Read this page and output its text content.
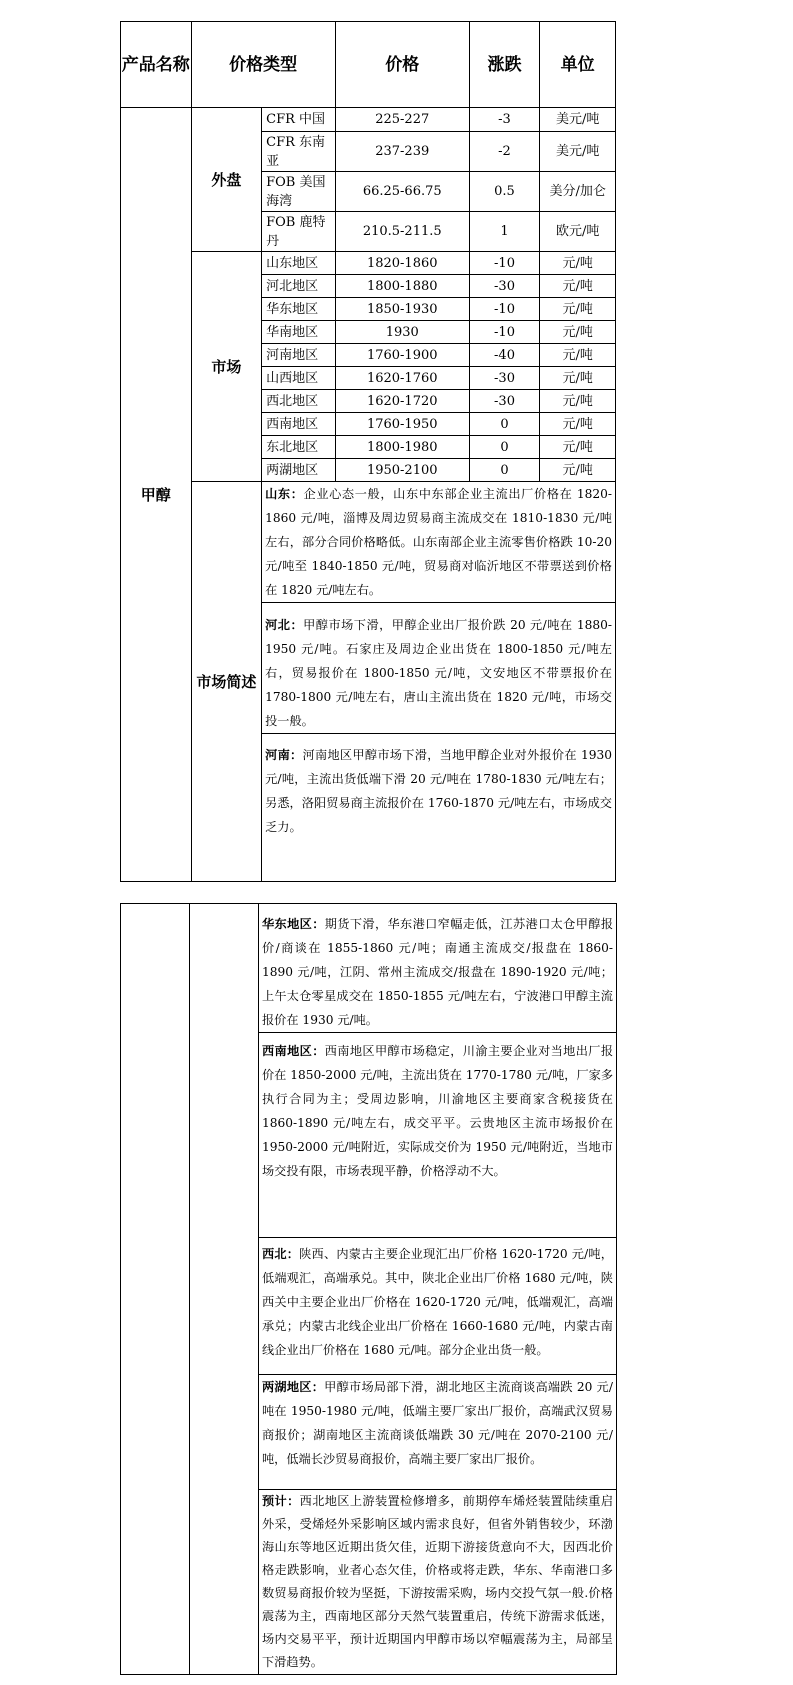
产品名称	价格类型		价格	涨跌	单位
甲醇	外盘	CFR 中国	225-227	-3	美元/吨
		CFR 东南亚	237-239	-2	美元/吨
		FOB 美国海湾	66.25-66.75	0.5	美分/加仑
		FOB 鹿特丹	210.5-211.5	1	欧元/吨
	市场	山东地区	1820-1860	-10	元/吨
		河北地区	1800-1880	-30	元/吨
		华东地区	1850-1930	-10	元/吨
		华南地区	1930	-10	元/吨
		河南地区	1760-1900	-40	元/吨
		山西地区	1620-1760	-30	元/吨
		西北地区	1620-1720	-30	元/吨
		西南地区	1760-1950	0	元/吨
		东北地区	1800-1980	0	元/吨
		两湖地区	1950-2100	0	元/吨
	市场简述	山东：企业心态一般，山东中东部企业主流出厂价格在 1820-1860 元/吨，淄博及周边贸易商主流成交在 1810-1830 元/吨左右，部分合同价格略低。山东南部企业主流零售价格跌 10-20 元/吨至 1840-1850 元/吨，贸易商对临沂地区不带票送到价格在 1820 元/吨左右。			

		河北：甲醇市场下滑，甲醇企业出厂报价跌 20 元/吨在 1880-1950 元/吨。石家庄及周边企业出货在 1800-1850 元/吨左右，贸易报价在 1800-1850 元/吨，文安地区不带票报价在 1780-1800 元/吨左右，唐山主流出货在 1820 元/吨，市场交投一般。			

		河南：河南地区甲醇市场下滑，当地甲醇企业对外报价在 1930 元/吨，主流出货低端下滑 20 元/吨在 1780-1830 元/吨左右；另悉，洛阳贸易商主流报价在 1760-1870 元/吨左右，市场成交乏力。			
		华东地区：期货下滑，华东港口窄幅走低，江苏港口太仓甲醇报价/商谈在 1855-1860 元/吨；南通主流成交/报盘在 1860-1890 元/吨，江阴、常州主流成交/报盘在 1890-1920 元/吨；上午太仓零星成交在 1850-1855 元/吨左右，宁波港口甲醇主流报价在 1930 元/吨。
西南地区：西南地区甲醇市场稳定，川渝主要企业对当地出厂报价在 1850-2000 元/吨，主流出货在 1770-1780 元/吨，厂家多执行合同为主；受周边影响，川渝地区主要商家含税接货在 1860-1890 元/吨左右，成交平平。云贵地区主流市场报价在 1950-2000 元/吨附近，实际成交价为 1950 元/吨附近，当地市场交投有限，市场表现平静，价格浮动不大。
西北：陕西、内蒙古主要企业现汇出厂价格 1620-1720 元/吨，低端观汇，高端承兑。其中，陕北企业出厂价格 1680 元/吨，陕西关中主要企业出厂价格在 1620-1720 元/吨，低端观汇，高端承兑；内蒙古北线企业出厂价格在 1660-1680 元/吨，内蒙古南线企业出厂价格在 1680 元/吨。部分企业出货一般。
两湖地区：甲醇市场局部下滑，湖北地区主流商谈高端跌 20 元/吨在 1950-1980 元/吨，低端主要厂家出厂报价，高端武汉贸易商报价；湖南地区主流商谈低端跌 30 元/吨在 2070-2100 元/吨，低端长沙贸易商报价，高端主要厂家出厂报价。
预计：西北地区上游装置检修增多，前期停车烯烃装置陆续重启外采，受烯烃外采影响区域内需求良好，但省外销售较少，环渤海山东等地区近期出货欠佳，近期下游接货意向不大，因西北价格走跌影响，业者心态欠佳，价格或将走跌，华东、华南港口多数贸易商报价较为坚挺，下游按需采购，场内交投气氛一般.价格震荡为主，西南地区部分天然气装置重启，传统下游需求低迷，场内交易平平，预计近期国内甲醇市场以窄幅震荡为主，局部呈下滑趋势。
